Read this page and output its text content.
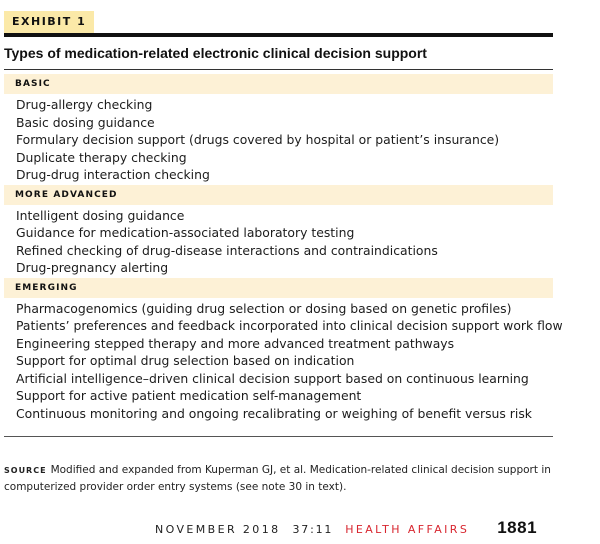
EXHIBIT 1
Types of medication-related electronic clinical decision support
BASIC
Drug-allergy checking
Basic dosing guidance
Formulary decision support (drugs covered by hospital or patient’s insurance)
Duplicate therapy checking
Drug-drug interaction checking
MORE ADVANCED
Intelligent dosing guidance
Guidance for medication-associated laboratory testing
Refined checking of drug-disease interactions and contraindications
Drug-pregnancy alerting
EMERGING
Pharmacogenomics (guiding drug selection or dosing based on genetic profiles)
Patients’ preferences and feedback incorporated into clinical decision support work flow
Engineering stepped therapy and more advanced treatment pathways
Support for optimal drug selection based on indication
Artificial intelligence–driven clinical decision support based on continuous learning
Support for active patient medication self-management
Continuous monitoring and ongoing recalibrating or weighing of benefit versus risk
SOURCE Modified and expanded from Kuperman GJ, et al. Medication-related clinical decision support in computerized provider order entry systems (see note 30 in text).
NOVEMBER 2018 37:11 HEALTH AFFAIRS 1881
